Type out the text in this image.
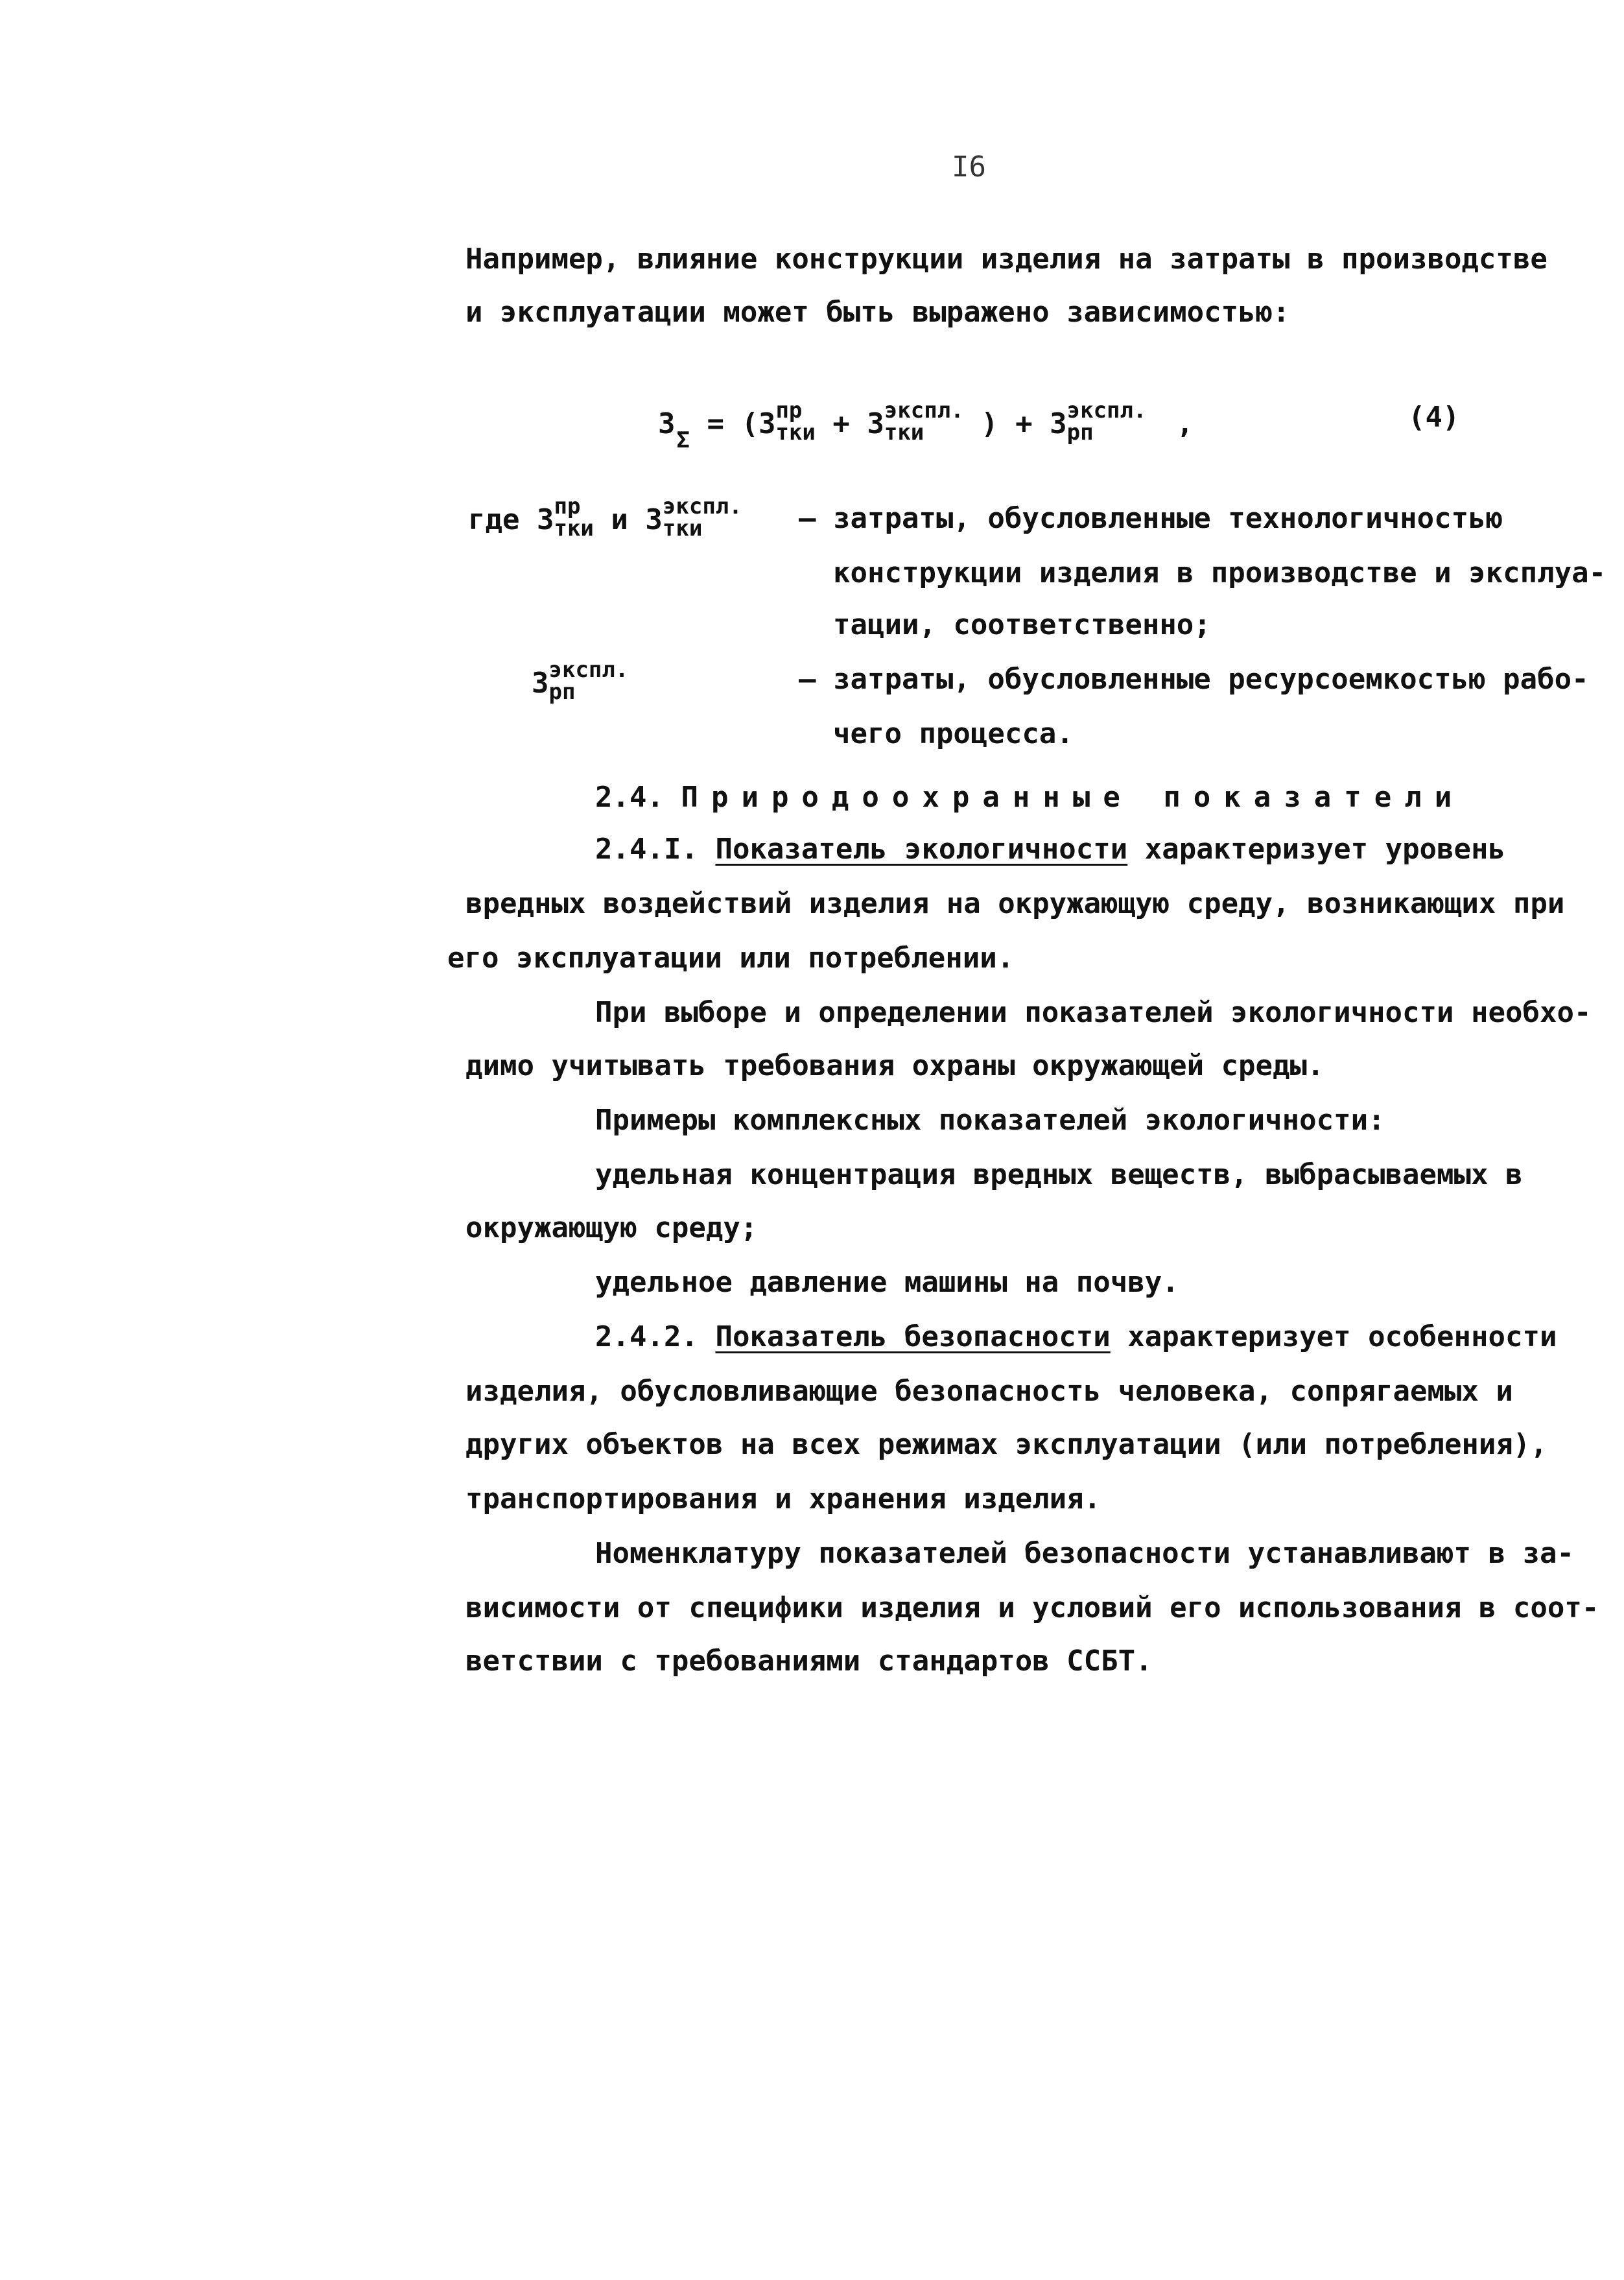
I6
Например, влияние конструкции изделия на затраты в производстве
и эксплуатации может быть выражено зависимостью:
$З_\Sigma = (З$ пр
тки + З экспл.
тки	) + З экспл.
рп	,	(4)
где З пр
тки и З экспл.
тки	– затраты, обусловленные технологичностью
конструкции изделия в производстве и эксплуа-
тации, соответственно;
З экспл.
рп	– затраты, обусловленные ресурсоемкостью рабо-
чего процесса.
2.4. Природоохранные показатели
2.4.I. Показатель экологичности характеризует уровень
вредных воздействий изделия на окружающую среду, возникающих при
его эксплуатации или потреблении.
При выборе и определении показателей экологичности необхо-
димо учитывать требования охраны окружающей среды.
Примеры комплексных показателей экологичности:
удельная концентрация вредных веществ, выбрасываемых в
окружающую среду;
удельное давление машины на почву.
2.4.2. Показатель безопасности характеризует особенности
изделия, обусловливающие безопасность человека, сопрягаемых и
других объектов на всех режимах эксплуатации (или потребления),
транспортирования и хранения изделия.
Номенклатуру показателей безопасности устанавливают в за-
висимости от специфики изделия и условий его использования в соот-
ветствии с требованиями стандартов ССБТ.
